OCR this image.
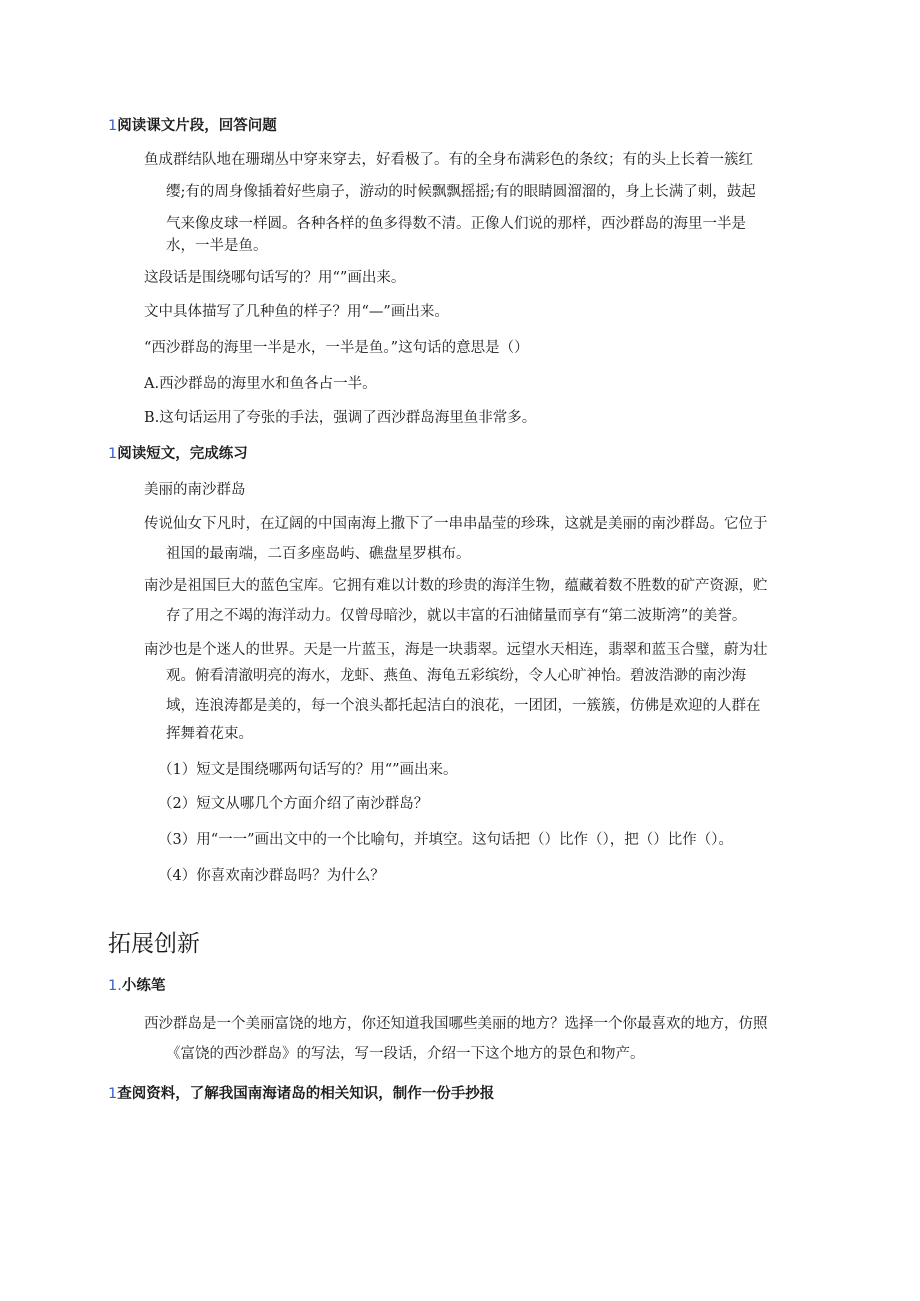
1阅读课文片段，回答问题
鱼成群结队地在珊瑚丛中穿来穿去，好看极了。有的全身布满彩色的条纹；有的头上长着一簇红
缨;有的周身像插着好些扇子，游动的时候飘飘摇摇;有的眼睛圆溜溜的，身上长满了刺，鼓起
气来像皮球一样圆。各种各样的鱼多得数不清。正像人们说的那样，西沙群岛的海里一半是
水，一半是鱼。
这段话是围绕哪句话写的？用“”画出来。
文中具体描写了几种鱼的样子？用“—”画出来。
“西沙群岛的海里一半是水，一半是鱼。”这句话的意思是（）
A.西沙群岛的海里水和鱼各占一半。
B.这句话运用了夸张的手法，强调了西沙群岛海里鱼非常多。
1阅读短文，完成练习
美丽的南沙群岛
传说仙女下凡时，在辽阔的中国南海上撒下了一串串晶莹的珍珠，这就是美丽的南沙群岛。它位于
祖国的最南端，二百多座岛屿、礁盘星罗棋布。
南沙是祖国巨大的蓝色宝库。它拥有难以计数的珍贵的海洋生物，蕴藏着数不胜数的矿产资源，贮
存了用之不竭的海洋动力。仅曾母暗沙，就以丰富的石油储量而享有“第二波斯湾”的美誉。
南沙也是个迷人的世界。天是一片蓝玉，海是一块翡翠。远望水天相连，翡翠和蓝玉合璧，蔚为壮
观。俯看清澈明亮的海水，龙虾、燕鱼、海龟五彩缤纷，令人心旷神怡。碧波浩渺的南沙海
域，连浪涛都是美的，每一个浪头都托起洁白的浪花，一团团，一簇簇，仿佛是欢迎的人群在
挥舞着花束。
（1）短文是围绕哪两句话写的？用“”画出来。
（2）短文从哪几个方面介绍了南沙群岛？
（3）用“一一”画出文中的一个比喻句，并填空。这句话把（）比作（），把（）比作（）。
（4）你喜欢南沙群岛吗？为什么？
拓展创新
1.小练笔
西沙群岛是一个美丽富饶的地方，你还知道我国哪些美丽的地方？选择一个你最喜欢的地方，仿照
《富饶的西沙群岛》的写法，写一段话，介绍一下这个地方的景色和物产。
1查阅资料，了解我国南海诸岛的相关知识，制作一份手抄报
